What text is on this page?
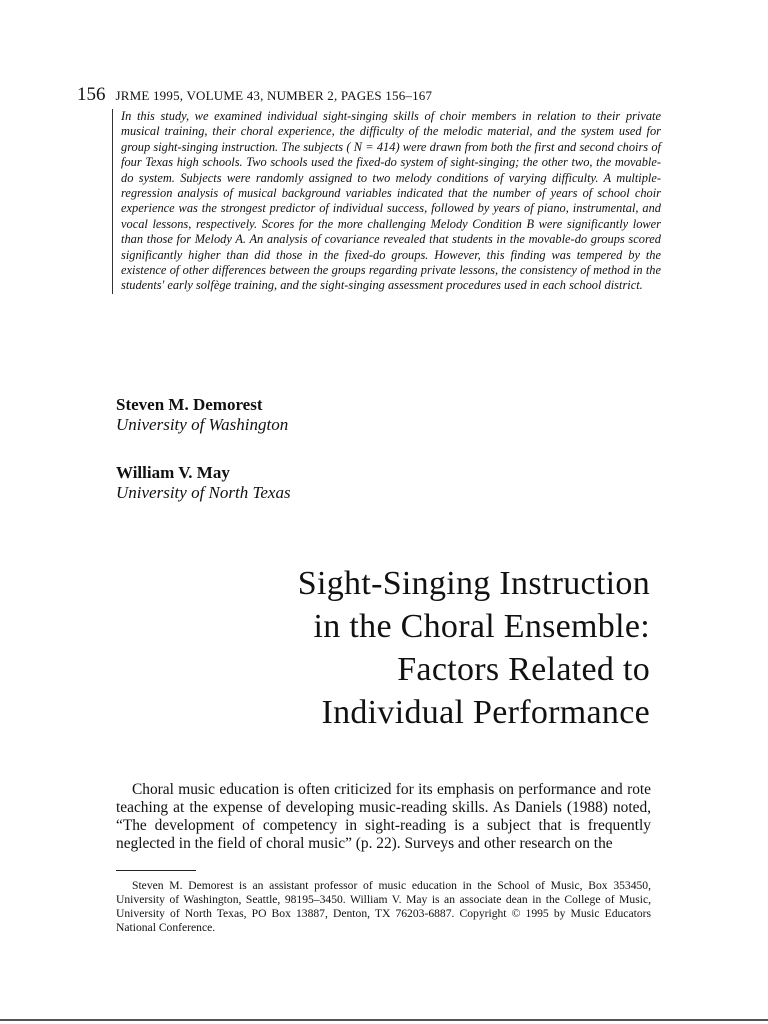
156 JRME 1995, VOLUME 43, NUMBER 2, PAGES 156–167
In this study, we examined individual sight-singing skills of choir members in relation to their private musical training, their choral experience, the difficulty of the melodic material, and the system used for group sight-singing instruction. The subjects ( N = 414) were drawn from both the first and second choirs of four Texas high schools. Two schools used the fixed-do system of sight-singing; the other two, the movable-do system. Subjects were randomly assigned to two melody conditions of varying difficulty. A multiple-regression analysis of musical background variables indicated that the number of years of school choir experience was the strongest predictor of individual success, followed by years of piano, instrumental, and vocal lessons, respectively. Scores for the more challenging Melody Condition B were significantly lower than those for Melody A. An analysis of covariance revealed that students in the movable-do groups scored significantly higher than did those in the fixed-do groups. However, this finding was tempered by the existence of other differences between the groups regarding private lessons, the consistency of method in the students' early solfège training, and the sight-singing assessment procedures used in each school district.
Steven M. Demorest
University of Washington
William V. May
University of North Texas
Sight-Singing Instruction
in the Choral Ensemble:
Factors Related to
Individual Performance

Choral music education is often criticized for its emphasis on performance and rote teaching at the expense of developing music-reading skills. As Daniels (1988) noted, “The development of competency in sight-reading is a subject that is frequently neglected in the field of choral music” (p. 22). Surveys and other research on the

Steven M. Demorest is an assistant professor of music education in the School of Music, Box 353450, University of Washington, Seattle, 98195–3450. William V. May is an associate dean in the College of Music, University of North Texas, PO Box 13887, Denton, TX 76203-6887. Copyright © 1995 by Music Educators National Conference.
